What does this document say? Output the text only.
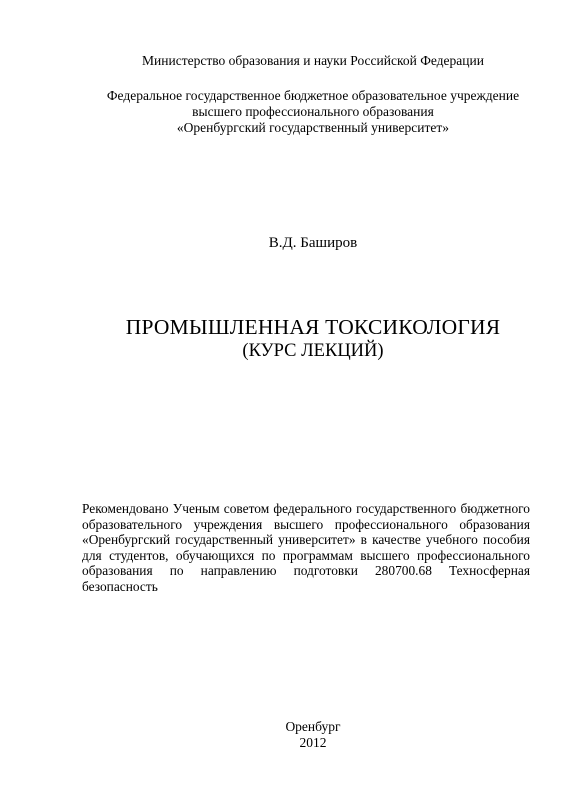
Министерство образования и науки Российской Федерации
Федеральное государственное бюджетное образовательное учреждение
высшего профессионального образования
«Оренбургский государственный университет»
В.Д. Баширов
ПРОМЫШЛЕННАЯ ТОКСИКОЛОГИЯ
(КУРС ЛЕКЦИЙ)
Рекомендовано Ученым советом федерального государственного бюджетного образовательного учреждения высшего профессионального образования «Оренбургский государственный университет» в качестве учебного пособия для студентов, обучающихся по программам высшего профессионального образования по направлению подготовки 280700.68 Техносферная безопасность
Оренбург
2012
